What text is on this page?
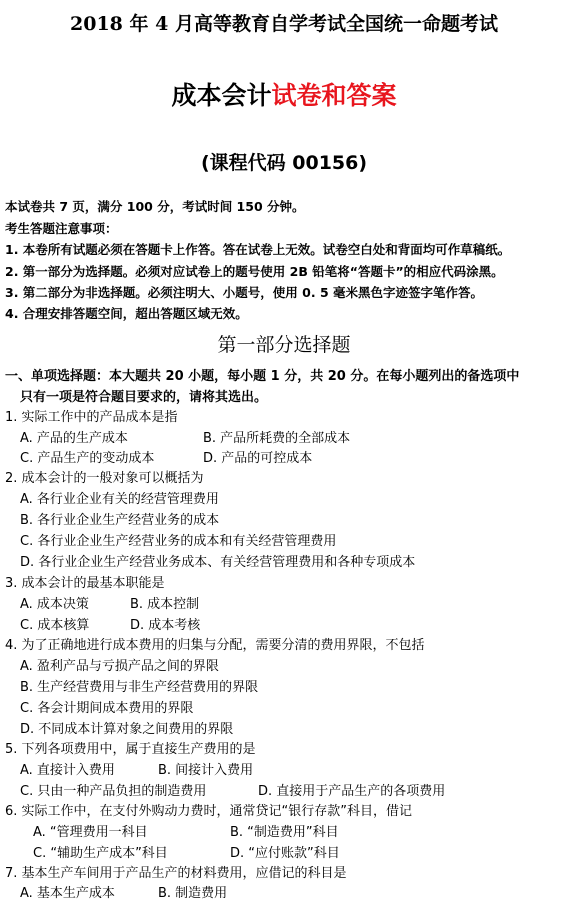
2018 年 4 月高等教育自学考试全国统一命题考试
成本会计试卷和答案
(课程代码 00156)
本试卷共 7 页，满分 100 分，考试时间 150 分钟。
考生答题注意事项：
1. 本卷所有试题必须在答题卡上作答。答在试卷上无效。试卷空白处和背面均可作草稿纸。
2. 第一部分为选择题。必须对应试卷上的题号使用 2B 铅笔将“答题卡”的相应代码涂黑。
3. 第二部分为非选择题。必须注明大、小题号，使用 0. 5 毫米黑色字迹签字笔作答。
4. 合理安排答题空间，超出答题区域无效。
第一部分选择题
一、单项选择题：本大题共 20 小题，每小题 1 分，共 20 分。在每小题列出的备选项中
只有一项是符合题目要求的，请将其选出。
1. 实际工作中的产品成本是指
A. 产品的生产成本	B. 产品所耗费的全部成本
C. 产品生产的变动成本	D. 产品的可控成本
2. 成本会计的一般对象可以概括为
A. 各行业企业有关的经营管理费用
B. 各行业企业生产经营业务的成本
C. 各行业企业生产经营业务的成本和有关经营管理费用
D. 各行业企业生产经营业务成本、有关经营管理费用和各种专项成本
3. 成本会计的最基本职能是
A. 成本决策	B. 成本控制
C. 成本核算	D. 成本考核
4. 为了正确地进行成本费用的归集与分配，需要分清的费用界限，不包括
A. 盈利产品与亏损产品之间的界限
B. 生产经营费用与非生产经营费用的界限
C. 各会计期间成本费用的界限
D. 不同成本计算对象之间费用的界限
5. 下列各项费用中，属于直接生产费用的是
A. 直接计入费用	B. 间接计入费用
C. 只由一种产品负担的制造费用	D. 直接用于产品生产的各项费用
6. 实际工作中，在支付外购动力费时，通常贷记“银行存款”科目，借记
A. “管理费用一科目	B. “制造费用”科目
C. “辅助生产成本”科目	D. “应付账款”科目
7. 基本生产车间用于产品生产的材料费用，应借记的科目是
A. 基本生产成本	B. 制造费用
